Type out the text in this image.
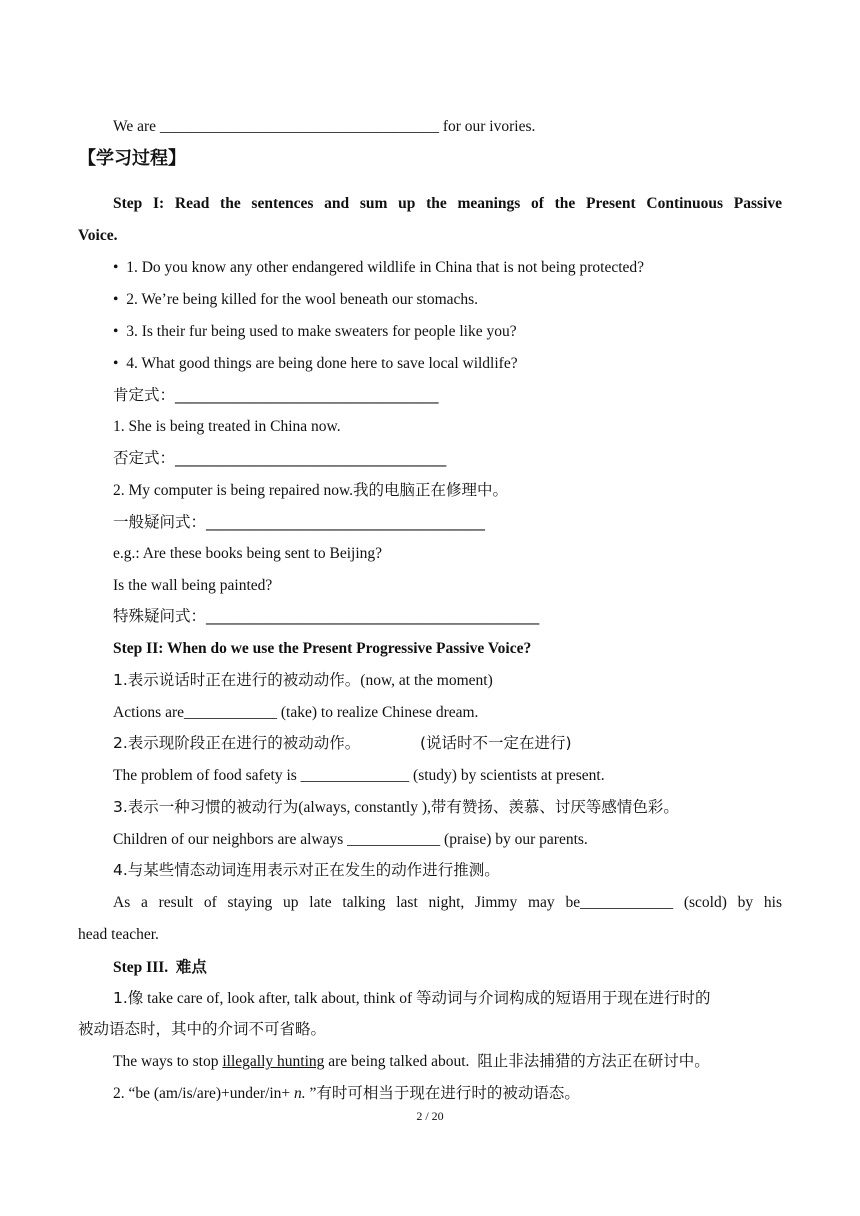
We are ____________________________________ for our ivories.
【学习过程】
Step I: Read the sentences and sum up the meanings of the Present Continuous Passive
Voice.
• 1. Do you know any other endangered wildlife in China that is not being protected?
• 2. We’re being killed for the wool beneath our stomachs.
• 3. Is their fur being used to make sweaters for people like you?
• 4. What good things are being done here to save local wildlife?
肯定式：__________________________________
1. She is being treated in China now.
否定式：___________________________________
2. My computer is being repaired now.我的电脑正在修理中。
一般疑问式：____________________________________
e.g.: Are these books being sent to Beijing?
Is the wall being painted?
特殊疑问式：___________________________________________
Step II: When do we use the Present Progressive Passive Voice?
1.表示说话时正在进行的被动动作。(now, at the moment)
Actions are____________ (take) to realize Chinese dream.
2.表示现阶段正在进行的被动动作。	(说话时不一定在进行)
The problem of food safety is ______________ (study) by scientists at present.
3.表示一种习惯的被动行为(always, constantly ),带有赞扬、羡慕、讨厌等感情色彩。
Children of our neighbors are always ____________ (praise) by our parents.
4.与某些情态动词连用表示对正在发生的动作进行推测。
As a result of staying up late talking last night, Jimmy may be____________ (scold) by his
head teacher.
Step III. 难点
1.像 take care of, look after, talk about, think of 等动词与介词构成的短语用于现在进行时的
被动语态时，其中的介词不可省略。
The ways to stop illegally hunting are being talked about. 阻止非法捕猎的方法正在研讨中。
2. “be (am/is/are)+under/in+ n. ”有时可相当于现在进行时的被动语态。
2 / 20
